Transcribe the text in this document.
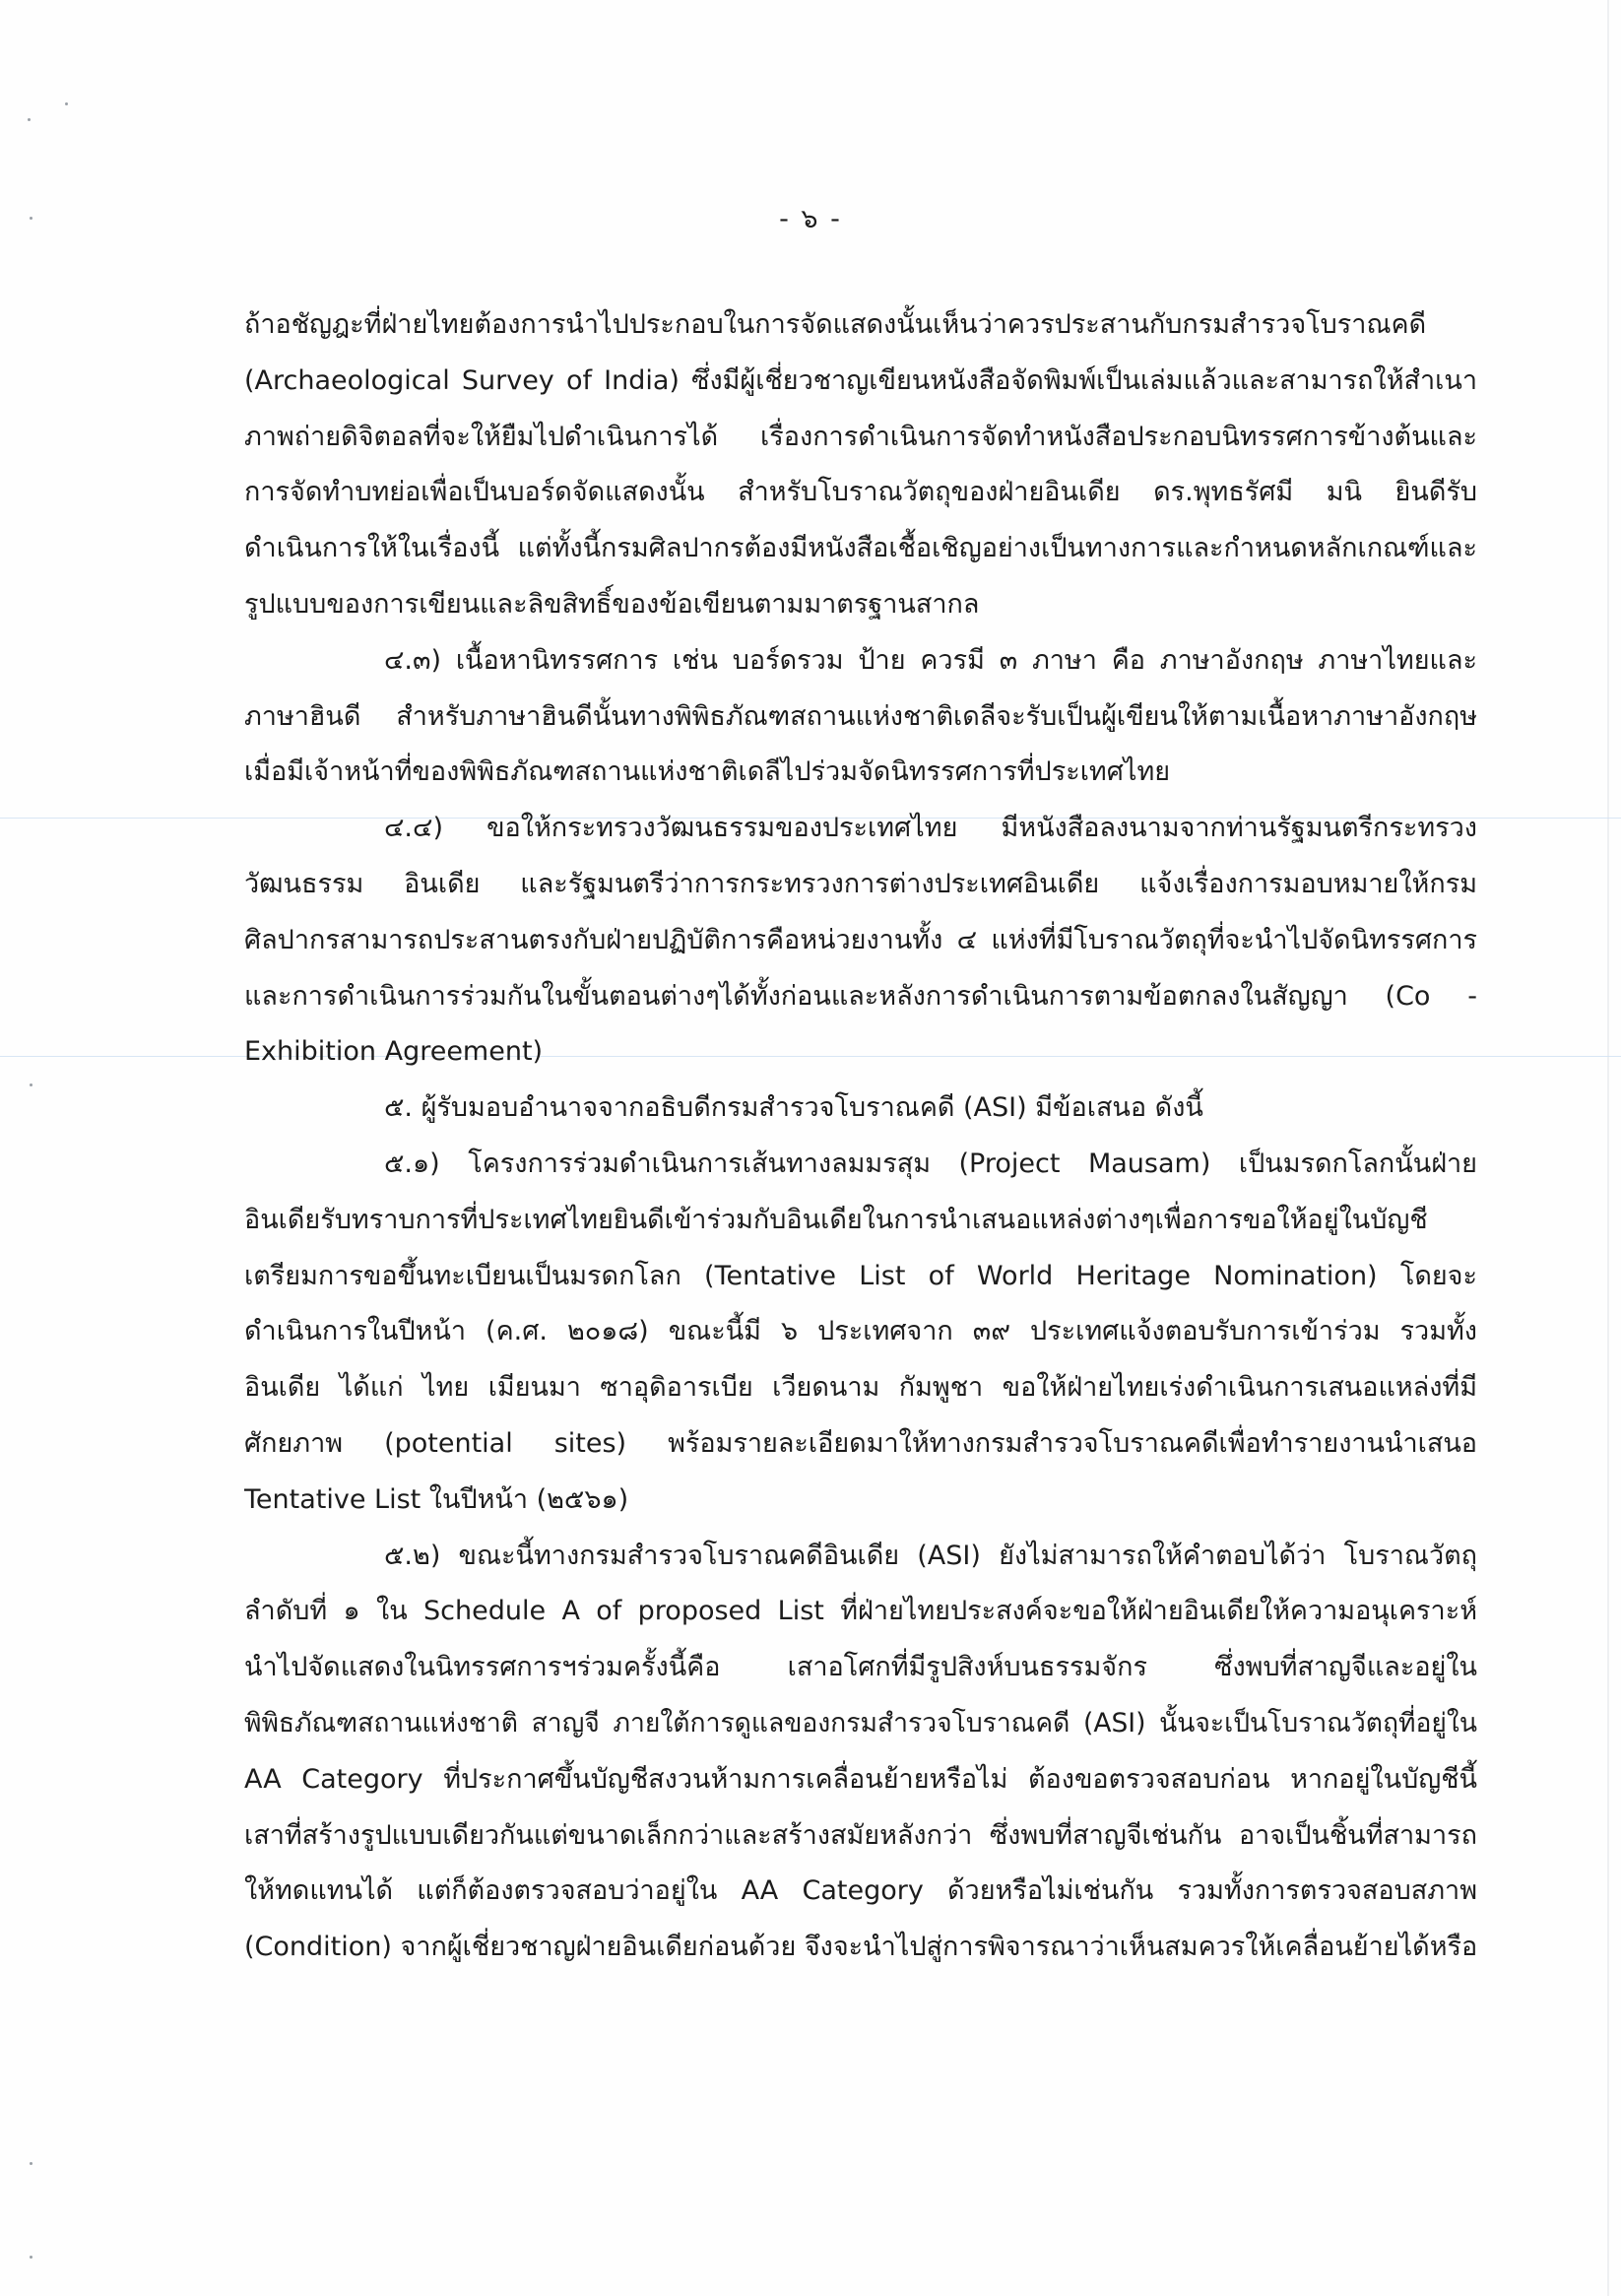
- ๖ -
ถ้าอชัญฎะที่ฝ่ายไทยต้องการนำไปประกอบในการจัดแสดงนั้นเห็นว่าควรประสานกับกรมสำรวจโบราณคดี
(Archaeological Survey of India) ซึ่งมีผู้เชี่ยวชาญเขียนหนังสือจัดพิมพ์เป็นเล่มแล้วและสามารถให้สำเนา
ภาพถ่ายดิจิตอลที่จะให้ยืมไปดำเนินการได้ เรื่องการดำเนินการจัดทำหนังสือประกอบนิทรรศการข้างต้นและ
การจัดทำบทย่อเพื่อเป็นบอร์ดจัดแสดงนั้น สำหรับโบราณวัตถุของฝ่ายอินเดีย ดร.พุทธรัศมี มนิ ยินดีรับ
ดำเนินการให้ในเรื่องนี้ แต่ทั้งนี้กรมศิลปากรต้องมีหนังสือเชื้อเชิญอย่างเป็นทางการและกำหนดหลักเกณฑ์และ
รูปแบบของการเขียนและลิขสิทธิ์ของข้อเขียนตามมาตรฐานสากล
๔.๓) เนื้อหานิทรรศการ เช่น บอร์ดรวม ป้าย ควรมี ๓ ภาษา คือ ภาษาอังกฤษ ภาษาไทยและ
ภาษาฮินดี สำหรับภาษาฮินดีนั้นทางพิพิธภัณฑสถานแห่งชาติเดลีจะรับเป็นผู้เขียนให้ตามเนื้อหาภาษาอังกฤษ
เมื่อมีเจ้าหน้าที่ของพิพิธภัณฑสถานแห่งชาติเดลีไปร่วมจัดนิทรรศการที่ประเทศไทย
๔.๔) ขอให้กระทรวงวัฒนธรรมของประเทศไทย มีหนังสือลงนามจากท่านรัฐมนตรีกระทรวง
วัฒนธรรม อินเดีย และรัฐมนตรีว่าการกระทรวงการต่างประเทศอินเดีย แจ้งเรื่องการมอบหมายให้กรม
ศิลปากรสามารถประสานตรงกับฝ่ายปฏิบัติการคือหน่วยงานทั้ง ๔ แห่งที่มีโบราณวัตถุที่จะนำไปจัดนิทรรศการ
และการดำเนินการร่วมกันในขั้นตอนต่างๆได้ทั้งก่อนและหลังการดำเนินการตามข้อตกลงในสัญญา (Co -
Exhibition Agreement)
๕. ผู้รับมอบอำนาจจากอธิบดีกรมสำรวจโบราณคดี (ASI) มีข้อเสนอ ดังนี้
๕.๑) โครงการร่วมดำเนินการเส้นทางลมมรสุม (Project Mausam) เป็นมรดกโลกนั้นฝ่าย
อินเดียรับทราบการที่ประเทศไทยยินดีเข้าร่วมกับอินเดียในการนำเสนอแหล่งต่างๆเพื่อการขอให้อยู่ในบัญชี
เตรียมการขอขึ้นทะเบียนเป็นมรดกโลก (Tentative List of World Heritage Nomination) โดยจะ
ดำเนินการในปีหน้า (ค.ศ. ๒๐๑๘) ขณะนี้มี ๖ ประเทศจาก ๓๙ ประเทศแจ้งตอบรับการเข้าร่วม รวมทั้ง
อินเดีย ได้แก่ ไทย เมียนมา ซาอุดิอารเบีย เวียดนาม กัมพูชา ขอให้ฝ่ายไทยเร่งดำเนินการเสนอแหล่งที่มี
ศักยภาพ (potential sites) พร้อมรายละเอียดมาให้ทางกรมสำรวจโบราณคดีเพื่อทำรายงานนำเสนอ
Tentative List ในปีหน้า (๒๕๖๑)
๕.๒) ขณะนี้ทางกรมสำรวจโบราณคดีอินเดีย (ASI) ยังไม่สามารถให้คำตอบได้ว่า โบราณวัตถุ
ลำดับที่ ๑ ใน Schedule A of proposed List ที่ฝ่ายไทยประสงค์จะขอให้ฝ่ายอินเดียให้ความอนุเคราะห์
นำไปจัดแสดงในนิทรรศการฯร่วมครั้งนี้คือ เสาอโศกที่มีรูปสิงห์บนธรรมจักร ซึ่งพบที่สาญจีและอยู่ใน
พิพิธภัณฑสถานแห่งชาติ สาญจี ภายใต้การดูแลของกรมสำรวจโบราณคดี (ASI) นั้นจะเป็นโบราณวัตถุที่อยู่ใน
AA Category ที่ประกาศขึ้นบัญชีสงวนห้ามการเคลื่อนย้ายหรือไม่ ต้องขอตรวจสอบก่อน หากอยู่ในบัญชีนี้
เสาที่สร้างรูปแบบเดียวกันแต่ขนาดเล็กกว่าและสร้างสมัยหลังกว่า ซึ่งพบที่สาญจีเช่นกัน อาจเป็นชิ้นที่สามารถ
ให้ทดแทนได้ แต่ก็ต้องตรวจสอบว่าอยู่ใน AA Category ด้วยหรือไม่เช่นกัน รวมทั้งการตรวจสอบสภาพ
(Condition) จากผู้เชี่ยวชาญฝ่ายอินเดียก่อนด้วย จึงจะนำไปสู่การพิจารณาว่าเห็นสมควรให้เคลื่อนย้ายได้หรือ
